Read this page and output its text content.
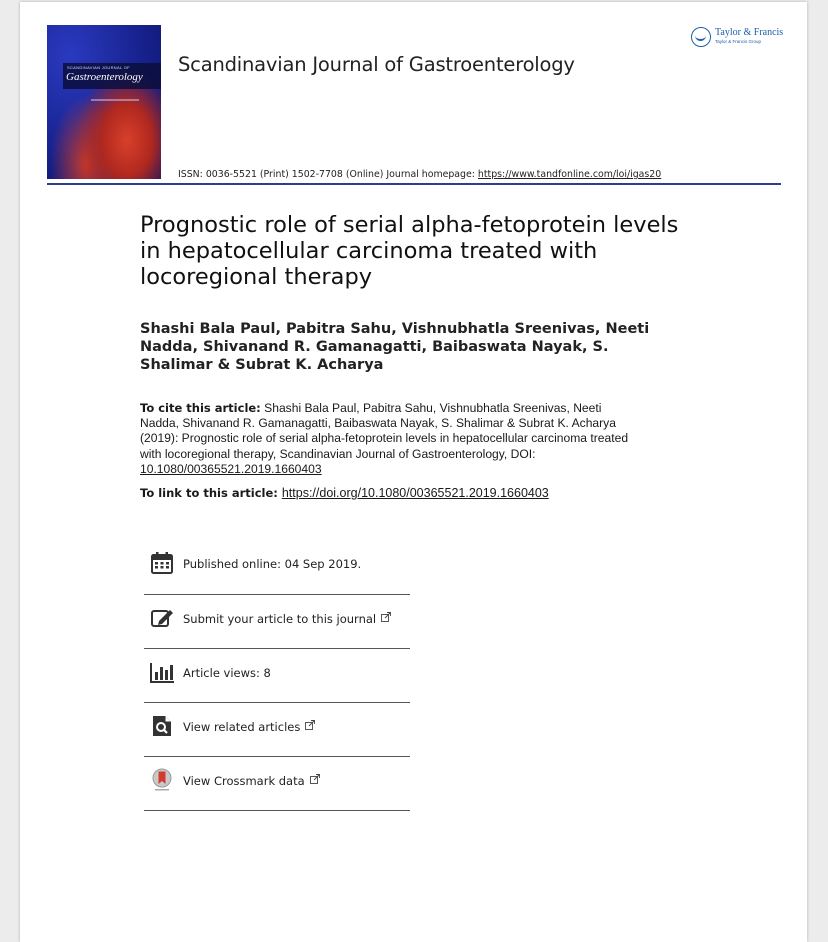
SCANDINAVIAN JOURNAL OF
Gastroenterology
Scandinavian Journal of Gastroenterology
ISSN: 0036-5521 (Print) 1502-7708 (Online) Journal homepage: https://www.tandfonline.com/loi/igas20
Taylor & Francis
Taylor & Francis Group
Prognostic role of serial alpha-fetoprotein levels in hepatocellular carcinoma treated with locoregional therapy
Shashi Bala Paul, Pabitra Sahu, Vishnubhatla Sreenivas, Neeti Nadda, Shivanand R. Gamanagatti, Baibaswata Nayak, S. Shalimar & Subrat K. Acharya
To cite this article: Shashi Bala Paul, Pabitra Sahu, Vishnubhatla Sreenivas, Neeti Nadda, Shivanand R. Gamanagatti, Baibaswata Nayak, S. Shalimar & Subrat K. Acharya (2019): Prognostic role of serial alpha-fetoprotein levels in hepatocellular carcinoma treated with locoregional therapy, Scandinavian Journal of Gastroenterology, DOI: 10.1080/00365521.2019.1660403
To link to this article: https://doi.org/10.1080/00365521.2019.1660403
Published online: 04 Sep 2019.
Submit your article to this journal
Article views: 8
View related articles
View Crossmark data
